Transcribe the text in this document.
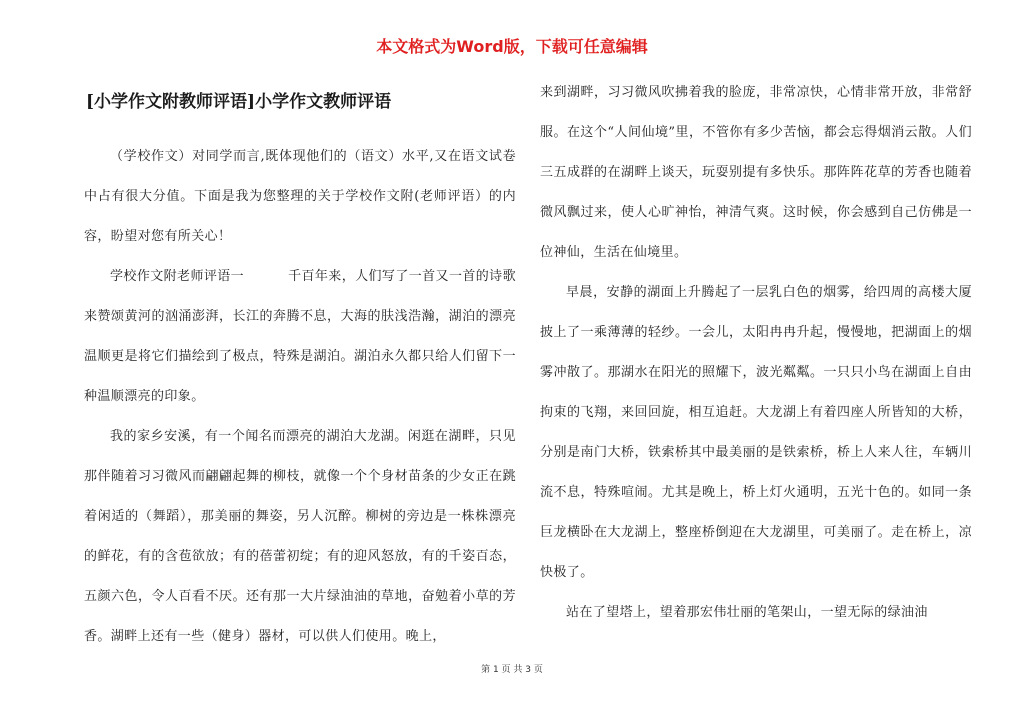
本文格式为Word版，下载可任意编辑
[小学作文附教师评语]小学作文教师评语

（学校作文）对同学而言,既体现他们的（语文）水平,又在语文试卷中占有很大分值。下面是我为您整理的关于学校作文附(老师评语）的内容，盼望对您有所关心！

学校作文附老师评语一	千百年来，人们写了一首又一首的诗歌来赞颂黄河的汹涌澎湃，长江的奔腾不息，大海的肤浅浩瀚，湖泊的漂亮温顺更是将它们描绘到了极点，特殊是湖泊。湖泊永久都只给人们留下一种温顺漂亮的印象。

我的家乡安溪，有一个闻名而漂亮的湖泊大龙湖。闲逛在湖畔，只见那伴随着习习微风而翩翩起舞的柳枝，就像一个个身材苗条的少女正在跳着闲适的（舞蹈），那美丽的舞姿，另人沉醉。柳树的旁边是一株株漂亮的鲜花，有的含苞欲放；有的蓓蕾初绽；有的迎风怒放，有的千姿百态，五颜六色，令人百看不厌。还有那一大片绿油油的草地，奋勉着小草的芳香。湖畔上还有一些（健身）器材，可以供人们使用。晚上，

来到湖畔，习习微风吹拂着我的脸庞，非常凉快，心情非常开放，非常舒服。在这个“人间仙境”里，不管你有多少苦恼，都会忘得烟消云散。人们三五成群的在湖畔上谈天，玩耍别提有多快乐。那阵阵花草的芳香也随着微风飘过来，使人心旷神怡，神清气爽。这时候，你会感到自己仿佛是一位神仙，生活在仙境里。

早晨，安静的湖面上升腾起了一层乳白色的烟雾，给四周的高楼大厦披上了一乘薄薄的轻纱。一会儿，太阳冉冉升起，慢慢地，把湖面上的烟雾冲散了。那湖水在阳光的照耀下，波光粼粼。一只只小鸟在湖面上自由拘束的飞翔，来回回旋，相互追赶。大龙湖上有着四座人所皆知的大桥，分别是南门大桥，铁索桥其中最美丽的是铁索桥，桥上人来人往，车辆川流不息，特殊喧闹。尤其是晚上，桥上灯火通明，五光十色的。如同一条巨龙横卧在大龙湖上，整座桥倒迎在大龙湖里，可美丽了。走在桥上，凉快极了。

站在了望塔上，望着那宏伟壮丽的笔架山，一望无际的绿油油

第 1 页 共 3 页
